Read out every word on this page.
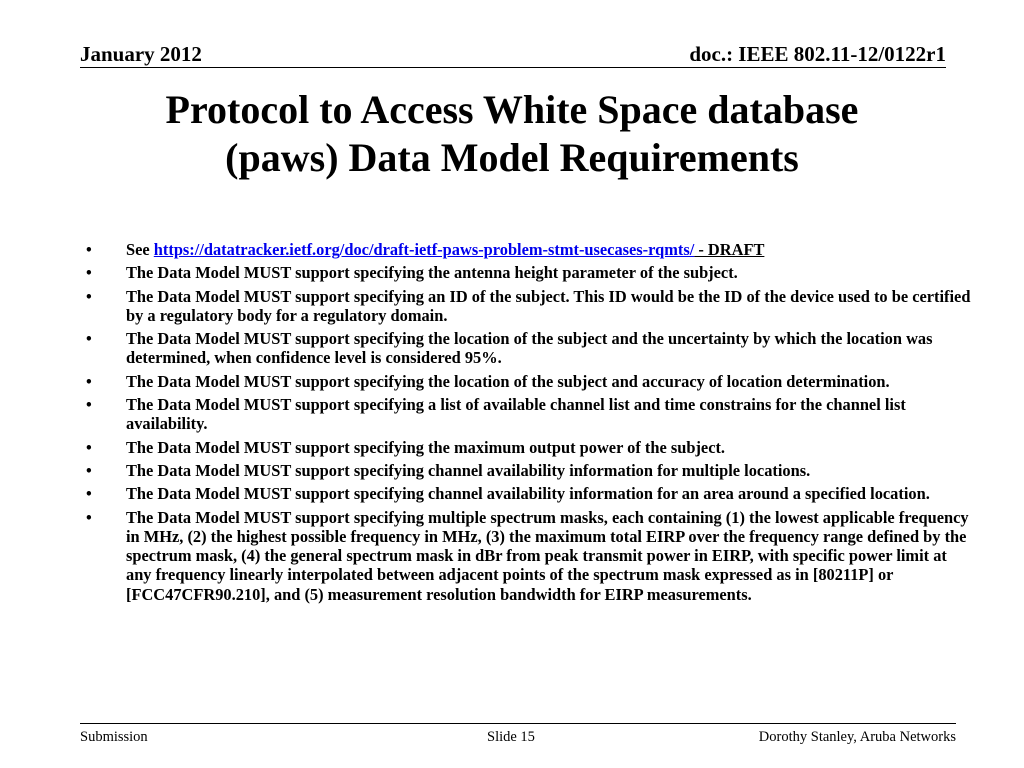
January 2012	doc.: IEEE 802.11-12/0122r1
Protocol to Access White Space database
(paws) Data Model Requirements
• See https://datatracker.ietf.org/doc/draft-ietf-paws-problem-stmt-usecases-rqmts/ - DRAFT
• The Data Model MUST support specifying the antenna height parameter of the subject.
• The Data Model MUST support specifying an ID of the subject. This ID would be the ID of the device used to be certified by a regulatory body for a regulatory domain.
• The Data Model MUST support specifying the location of the subject and the uncertainty by which the location was determined, when confidence level is considered 95%.
• The Data Model MUST support specifying the location of the subject and accuracy of location determination.
• The Data Model MUST support specifying a list of available channel list and time constrains for the channel list availability.
• The Data Model MUST support specifying the maximum output power of the subject.
• The Data Model MUST support specifying channel availability information for multiple locations.
• The Data Model MUST support specifying channel availability information for an area around a specified location.
• The Data Model MUST support specifying multiple spectrum masks, each containing (1) the lowest applicable frequency in MHz, (2) the highest possible frequency in MHz, (3) the maximum total EIRP over the frequency range defined by the spectrum mask, (4) the general spectrum mask in dBr from peak transmit power in EIRP, with specific power limit at any frequency linearly interpolated between adjacent points of the spectrum mask expressed as in [80211P] or [FCC47CFR90.210], and (5) measurement resolution bandwidth for EIRP measurements.
Submission	Slide 15	Dorothy Stanley, Aruba Networks
